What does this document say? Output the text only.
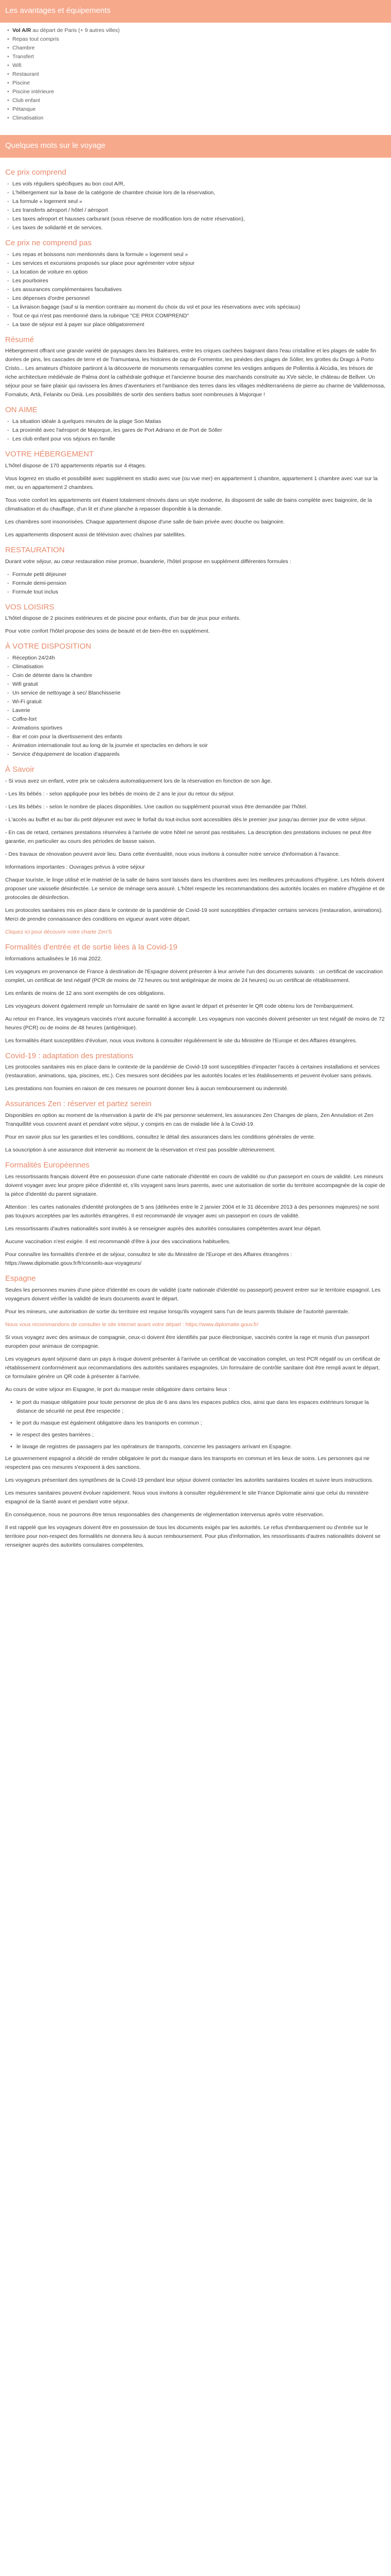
Les avantages et équipements
• Vol A/R au départ de Paris (+ 9 autres villes)
• Repas tout compris
• Chambre
• Transfert
• Wifi
• Restaurant
• Piscine
• Piscine intérieure
• Club enfant
• Pétanque
• Climatisation
Quelques mots sur le voyage
Ce prix comprend
- Les vols réguliers spécifiques au bon cout A/R,
- L'hébergement sur la base de la catégorie de chambre choisie lors de la réservation,
- La formule « logement seul »
- Les transferts aéroport / hôtel / aéroport
- Les taxes aéroport et hausses carburant (sous réserve de modification lors de notre réservation),
- Les taxes de solidarité et de services.
Ce prix ne comprend pas
- Les repas et boissons non mentionnés dans la formule « logement seul »
- Les services et excursions proposés sur place pour agrémenter votre séjour
- La location de voiture en option
- Les pourboires
- Les assurances complémentaires facultatives
- Les dépenses d'ordre personnel
- La livraison bagage (sauf si la mention contraire au moment du choix du vol et pour les réservations avec vols spéciaux)
- Tout ce qui n'est pas mentionné dans la rubrique "CE PRIX COMPREND"
- La taxe de séjour est à payer sur place obligatoirement
Résumé

Hébergement offrant une grande variété de paysages dans les Baléares, entre les criques cachées baignant dans l'eau cristalline et les plages de sable fin dorées de pins, les cascades de terre et de Tramuntana, les histoires de cap de Formentor, les pinèdes des plages de Sóller, les grottes du Drago à Porto Cristo... Les amateurs d'histoire partiront à la découverte de monuments remarquables comme les vestiges antiques de Pollentia à Alcúdia, les trésors de riche architecture médiévale de Palma dont la cathédrale gothique et l'ancienne bourse des marchands construite au XVe siècle, le château de Bellver. Un séjour pour se faire plaisir qui ravissera les âmes d'aventuriers et l'ambiance des terres dans les villages méditerranéens de pierre au charme de Valldemossa, Fornalutx, Artà, Felanitx ou Deià. Les possibilités de sortir des sentiers battus sont nombreuses à Majorque !

ON AIME
- La situation idéale à quelques minutes de la plage Son Matias
- La proximité avec l'aéroport de Majorque, les gares de Port Adriano et de Port de Sóller
- Les club enfant pour vos séjours en famille
VOTRE HÉBERGEMENT

L'hôtel dispose de 170 appartements répartis sur 4 étages.

Vous logerez en studio et possibilité avec supplément en studio avec vue (ou vue mer) en appartement 1 chambre, appartement 1 chambre avec vue sur la mer, ou en appartement 2 chambres.

Tous votre confort les appartements ont étaient totalement rénovés dans un style moderne, ils disposent de salle de bains complète avec baignoire, de la climatisation et du chauffage, d'un lit et d'une planche à repasser disponible à la demande.

Les chambres sont insonorisées. Chaque appartement dispose d'une salle de bain privée avec douche ou baignoire.

Les appartements disposent aussi de télévision avec chaînes par satellites.

RESTAURATION

Durant votre séjour, au cœur restauration mise promue, buanderie, l'hôtel propose en supplément différentes formules :

- Formule petit déjeuner
- Formule demi-pension
- Formule tout inclus
VOS LOISIRS

L'hôtel dispose de 2 piscines extérieures et de piscine pour enfants, d'un bar de jeux pour enfants.

Pour votre confort l'hôtel propose des soins de beauté et de bien-être en supplément.

À VOTRE DISPOSITION
- Réception 24/24h
- Climatisation
- Coin de détente dans la chambre
- Wifi gratuit
- Un service de nettoyage à sec/ Blanchisserie
- Wi-Fi gratuit
- Laverie
- Coffre-fort
- Animations sportives
- Bar et coin pour la divertissement des enfants
- Animation internationale tout au long de la journée et spectacles en dehors le soir
- Service d'équipement de location d'appareils
À Savoir

- Si vous avez un enfant, votre prix se calculera automatiquement lors de la réservation en fonction de son âge.

- Les lits bébés : - selon appliquée pour les bébés de moins de 2 ans le jour du retour du séjour.

- Les lits bébés : - selon le nombre de places disponibles. Une caution ou supplément pourrait vous être demandée par l'hôtel.

- L'accès au buffet et au bar du petit déjeuner est avec le forfait du tout-inclus sont accessibles dès le premier jour jusqu'au dernier jour de votre séjour.

- En cas de retard, certaines prestations réservées à l'arrivée de votre hôtel ne seront pas restituées. La description des prestations incluses ne peut être garantie, en particulier au cours des périodes de basse saison.

- Des travaux de rénovation peuvent avoir lieu. Dans cette éventualité, nous vous invitons à consulter notre service d'information à l'avance.

Informations importantes : Ouvrages prévus à votre séjour

Chaque touriste, le linge utilisé et le matériel de la salle de bains sont laissés dans les chambres avec les meilleures précautions d'hygiène. Les hôtels doivent proposer une vaisselle désinfectée. Le service de ménage sera assuré. L'hôtel respecte les recommandations des autorités locales en matière d'hygiène et de protocoles de désinfection.

Les protocoles sanitaires mis en place dans le contexte de la pandémie de Covid-19 sont susceptibles d'impacter certains services (restauration, animations). Merci de prendre connaissance des conditions en vigueur avant votre départ.

Cliquez ici pour découvrir notre charte Zen'S

Formalités d'entrée et de sortie liées à la Covid-19

Informations actualisées le 16 mai 2022.

Les voyageurs en provenance de France à destination de l'Espagne doivent présenter à leur arrivée l'un des documents suivants : un certificat de vaccination complet, un certificat de test négatif (PCR de moins de 72 heures ou test antigénique de moins de 24 heures) ou un certificat de rétablissement.

Les enfants de moins de 12 ans sont exemptés de ces obligations.

Les voyageurs doivent également remplir un formulaire de santé en ligne avant le départ et présenter le QR code obtenu lors de l'embarquement.

Au retour en France, les voyageurs vaccinés n'ont aucune formalité à accomplir. Les voyageurs non vaccinés doivent présenter un test négatif de moins de 72 heures (PCR) ou de moins de 48 heures (antigénique).

Les formalités étant susceptibles d'évoluer, nous vous invitons à consulter régulièrement le site du Ministère de l'Europe et des Affaires étrangères.

Covid-19 : adaptation des prestations

Les protocoles sanitaires mis en place dans le contexte de la pandémie de Covid-19 sont susceptibles d'impacter l'accès à certaines installations et services (restauration, animations, spa, piscines, etc.). Ces mesures sont décidées par les autorités locales et les établissements et peuvent évoluer sans préavis.

Les prestations non fournies en raison de ces mesures ne pourront donner lieu à aucun remboursement ou indemnité.

Assurances Zen : réserver et partez serein

Disponibles en option au moment de la réservation à partir de 4% par personne seulement, les assurances Zen Changes de plans, Zen Annulation et Zen Tranquillité vous couvrent avant et pendant votre séjour, y compris en cas de maladie liée à la Covid-19.

Pour en savoir plus sur les garanties et les conditions, consultez le détail des assurances dans les conditions générales de vente.

La souscription à une assurance doit intervenir au moment de la réservation et n'est pas possible ultérieurement.

Formalités Européennes

Les ressortissants français doivent être en possession d'une carte nationale d'identité en cours de validité ou d'un passeport en cours de validité. Les mineurs doivent voyager avec leur propre pièce d'identité et, s'ils voyagent sans leurs parents, avec une autorisation de sortie du territoire accompagnée de la copie de la pièce d'identité du parent signataire.

Attention : les cartes nationales d'identité prolongées de 5 ans (délivrées entre le 2 janvier 2004 et le 31 décembre 2013 à des personnes majeures) ne sont pas toujours acceptées par les autorités étrangères. Il est recommandé de voyager avec un passeport en cours de validité.

Les ressortissants d'autres nationalités sont invités à se renseigner auprès des autorités consulaires compétentes avant leur départ.

Aucune vaccination n'est exigée. Il est recommandé d'être à jour des vaccinations habituelles.

Pour connaître les formalités d'entrée et de séjour, consultez le site du Ministère de l'Europe et des Affaires étrangères : https://www.diplomatie.gouv.fr/fr/conseils-aux-voyageurs/

Espagne

Seules les personnes munies d'une pièce d'identité en cours de validité (carte nationale d'identité ou passeport) peuvent entrer sur le territoire espagnol. Les voyageurs doivent vérifier la validité de leurs documents avant le départ.

Pour les mineurs, une autorisation de sortie du territoire est requise lorsqu'ils voyagent sans l'un de leurs parents titulaire de l'autorité parentale.

Nous vous recommandons de consulter le site internet avant votre départ : https://www.diplomatie.gouv.fr/

Si vous voyagez avec des animaux de compagnie, ceux-ci doivent être identifiés par puce électronique, vaccinés contre la rage et munis d'un passeport européen pour animaux de compagnie.

Les voyageurs ayant séjourné dans un pays à risque doivent présenter à l'arrivée un certificat de vaccination complet, un test PCR négatif ou un certificat de rétablissement conformément aux recommandations des autorités sanitaires espagnoles. Un formulaire de contrôle sanitaire doit être rempli avant le départ, ce formulaire génère un QR code à présenter à l'arrivée.

Au cours de votre séjour en Espagne, le port du masque reste obligatoire dans certains lieux :

• le port du masque obligatoire pour toute personne de plus de 6 ans dans les espaces publics clos, ainsi que dans les espaces extérieurs lorsque la distance de sécurité ne peut être respectée ;
• le port du masque est également obligatoire dans les transports en commun ;
• le respect des gestes barrières ;
• le lavage de registres de passagers par les opérateurs de transports, concerne les passagers arrivant en Espagne.

Le gouvernement espagnol a décidé de rendre obligatoire le port du masque dans les transports en commun et les lieux de soins. Les personnes qui ne respectent pas ces mesures s'exposent à des sanctions.

Les voyageurs présentant des symptômes de la Covid-19 pendant leur séjour doivent contacter les autorités sanitaires locales et suivre leurs instructions.

Les mesures sanitaires peuvent évoluer rapidement. Nous vous invitons à consulter régulièrement le site France Diplomatie ainsi que celui du ministère espagnol de la Santé avant et pendant votre séjour.

En conséquence, nous ne pourrons être tenus responsables des changements de réglementation intervenus après votre réservation.

Il est rappelé que les voyageurs doivent être en possession de tous les documents exigés par les autorités. Le refus d'embarquement ou d'entrée sur le territoire pour non-respect des formalités ne donnera lieu à aucun remboursement. Pour plus d'information, les ressortissants d'autres nationalités doivent se renseigner auprès des autorités consulaires compétentes.
